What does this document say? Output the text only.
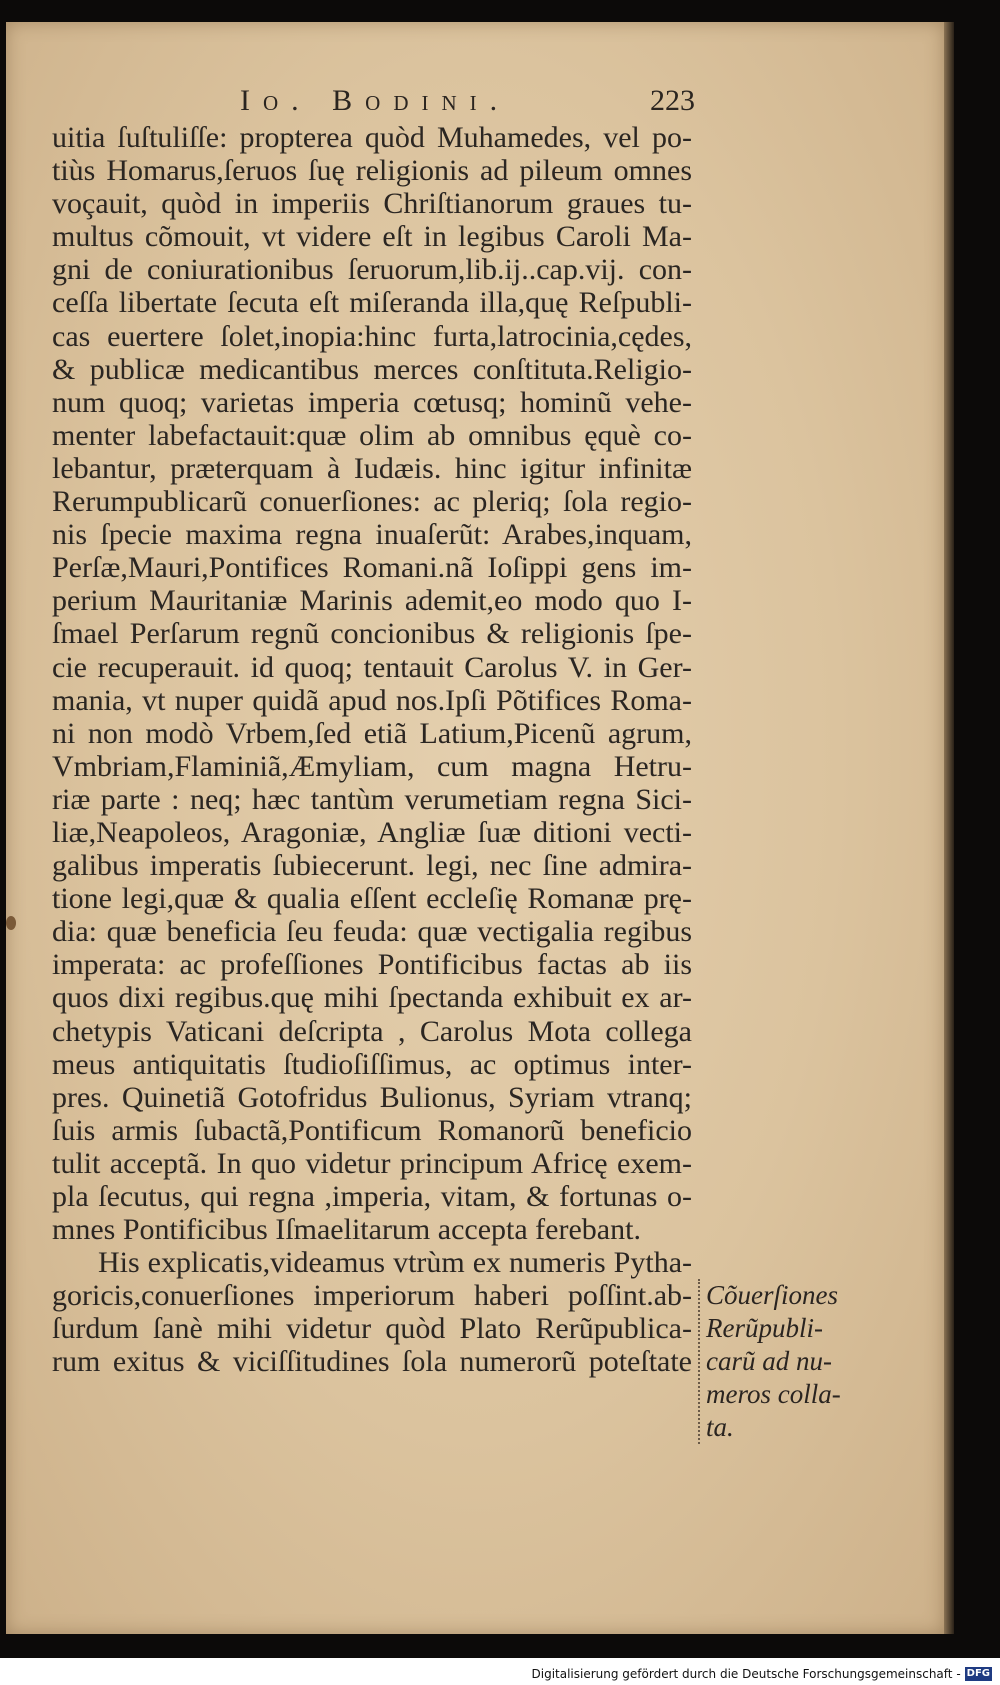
Io. Bodini.	223
uitia ſuſtuliſſe: propterea quòd Muhamedes, vel po-
tiùs Homarus,ſeruos ſuę religionis ad pileum omnes
voçauit, quòd in imperiis Chriſtianorum graues tu-
multus cõmouit, vt videre eſt in legibus Caroli Ma-
gni de coniurationibus ſeruorum,lib.ij..cap.vij. con-
ceſſa libertate ſecuta eſt miſeranda illa,quę Reſpubli-
cas euertere ſolet,inopia:hinc furta,latrocinia,cędes,
& publicæ medicantibus merces conſtituta.Religio-
num quoq; varietas imperia cœtusq; hominũ vehe-
menter labefactauit:quæ olim ab omnibus ęquè co-
lebantur, præterquam à Iudæis. hinc igitur infinitæ
Rerumpublicarũ conuerſiones: ac pleriq; ſola regio-
nis ſpecie maxima regna inuaſerũt: Arabes,inquam,
Perſæ,Mauri,Pontifices Romani.nã Ioſippi gens im-
perium Mauritaniæ Marinis ademit,eo modo quo I-
ſmael Perſarum regnũ concionibus & religionis ſpe-
cie recuperauit. id quoq; tentauit Carolus V. in Ger-
mania, vt nuper quidã apud nos.Ipſi Põtifices Roma-
ni non modò Vrbem,ſed etiã Latium,Picenũ agrum,
Vmbriam,Flaminiã,Æmyliam, cum magna Hetru-
riæ parte : neq; hæc tantùm verumetiam regna Sici-
liæ,Neapoleos, Aragoniæ, Angliæ ſuæ ditioni vecti-
galibus imperatis ſubiecerunt. legi, nec ſine admira-
tione legi,quæ & qualia eſſent eccleſię Romanæ prę-
dia: quæ beneficia ſeu feuda: quæ vectigalia regibus
imperata: ac profeſſiones Pontificibus factas ab iis
quos dixi regibus.quę mihi ſpectanda exhibuit ex ar-
chetypis Vaticani deſcripta , Carolus Mota collega
meus antiquitatis ſtudioſiſſimus, ac optimus inter-
pres. Quinetiã Gotofridus Bulionus, Syriam vtranq;
ſuis armis ſubactã,Pontificum Romanorũ beneficio
tulit acceptã. In quo videtur principum Africę exem-
pla ſecutus, qui regna ,imperia, vitam, & fortunas o-
mnes Pontificibus Iſmaelitarum accepta ferebant.
His explicatis,videamus vtrùm ex numeris Pytha-
goricis,conuerſiones imperiorum haberi poſſint.ab-
ſurdum ſanè mihi videtur quòd Plato Rerũpublica-
rum exitus & viciſſitudines ſola numerorũ poteſtate
Cõuerſiones
Rerũpubli-
carũ ad nu-
meros colla-
ta.
Digitalisierung gefördert durch die Deutsche Forschungsgemeinschaft - DFG
